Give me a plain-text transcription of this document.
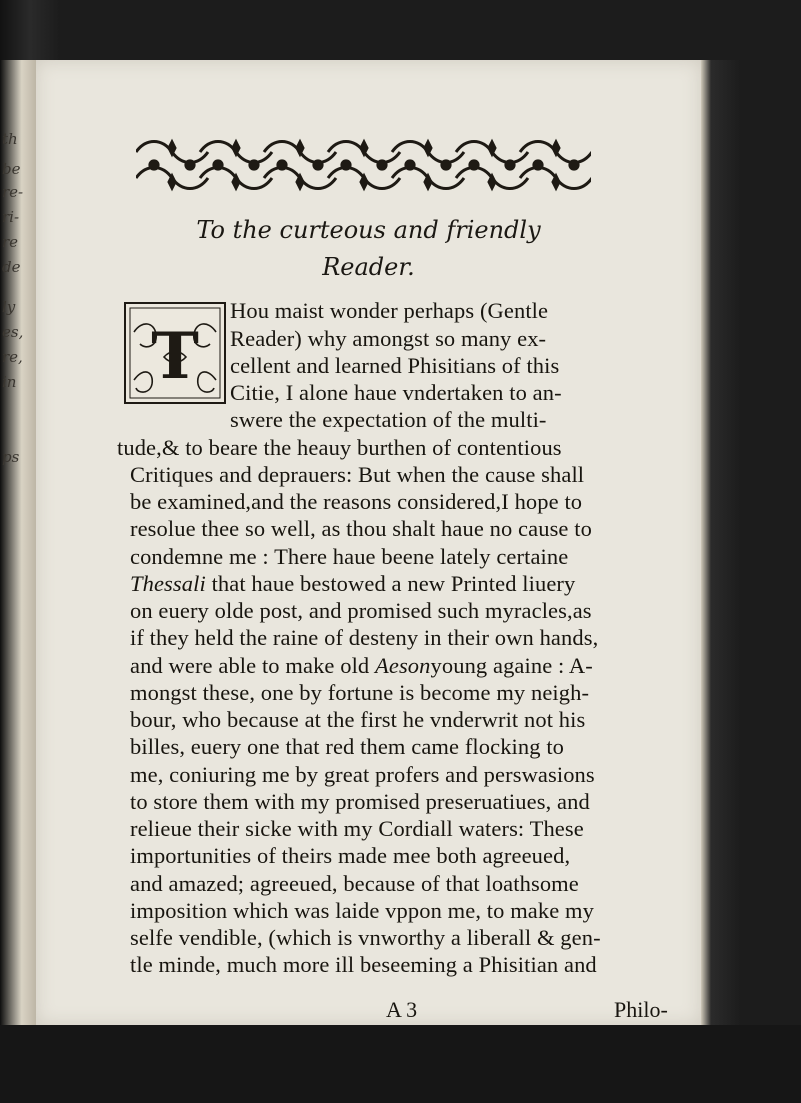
th
be
re-
ri-
re
de
ly
es,
re,
in
ps
To the curteous and friendly
Reader.
T
Hou maist wonder perhaps (Gentle
Reader) why amongst so many ex-
cellent and learned Phisitians of this
Citie, I alone haue vndertaken to an-
swere the expectation of the multi-
tude,& to beare the heauy burthen of contentious
Critiques and deprauers: But when the cause shall
be examined,and the reasons considered,I hope to
resolue thee so well, as thou shalt haue no cause to
condemne me : There haue beene lately certaine
Thessali that haue bestowed a new Printed liuery
on euery olde post, and promised such myracles,as
if they held the raine of desteny in their own hands,
and were able to make old Aesonyoung againe : A-
mongst these, one by fortune is become my neigh-
bour, who because at the first he vnderwrit not his
billes, euery one that red them came flocking to
me, coniuring me by great profers and perswasions
to store them with my promised preseruatiues, and
relieue their sicke with my Cordiall waters: These
importunities of theirs made mee both agreeued,
and amazed; agreeued, because of that loathsome
imposition which was laide vppon me, to make my
selfe vendible, (which is vnworthy a liberall & gen-
tle minde, much more ill beseeming a Phisitian and
A 3	Philo-
